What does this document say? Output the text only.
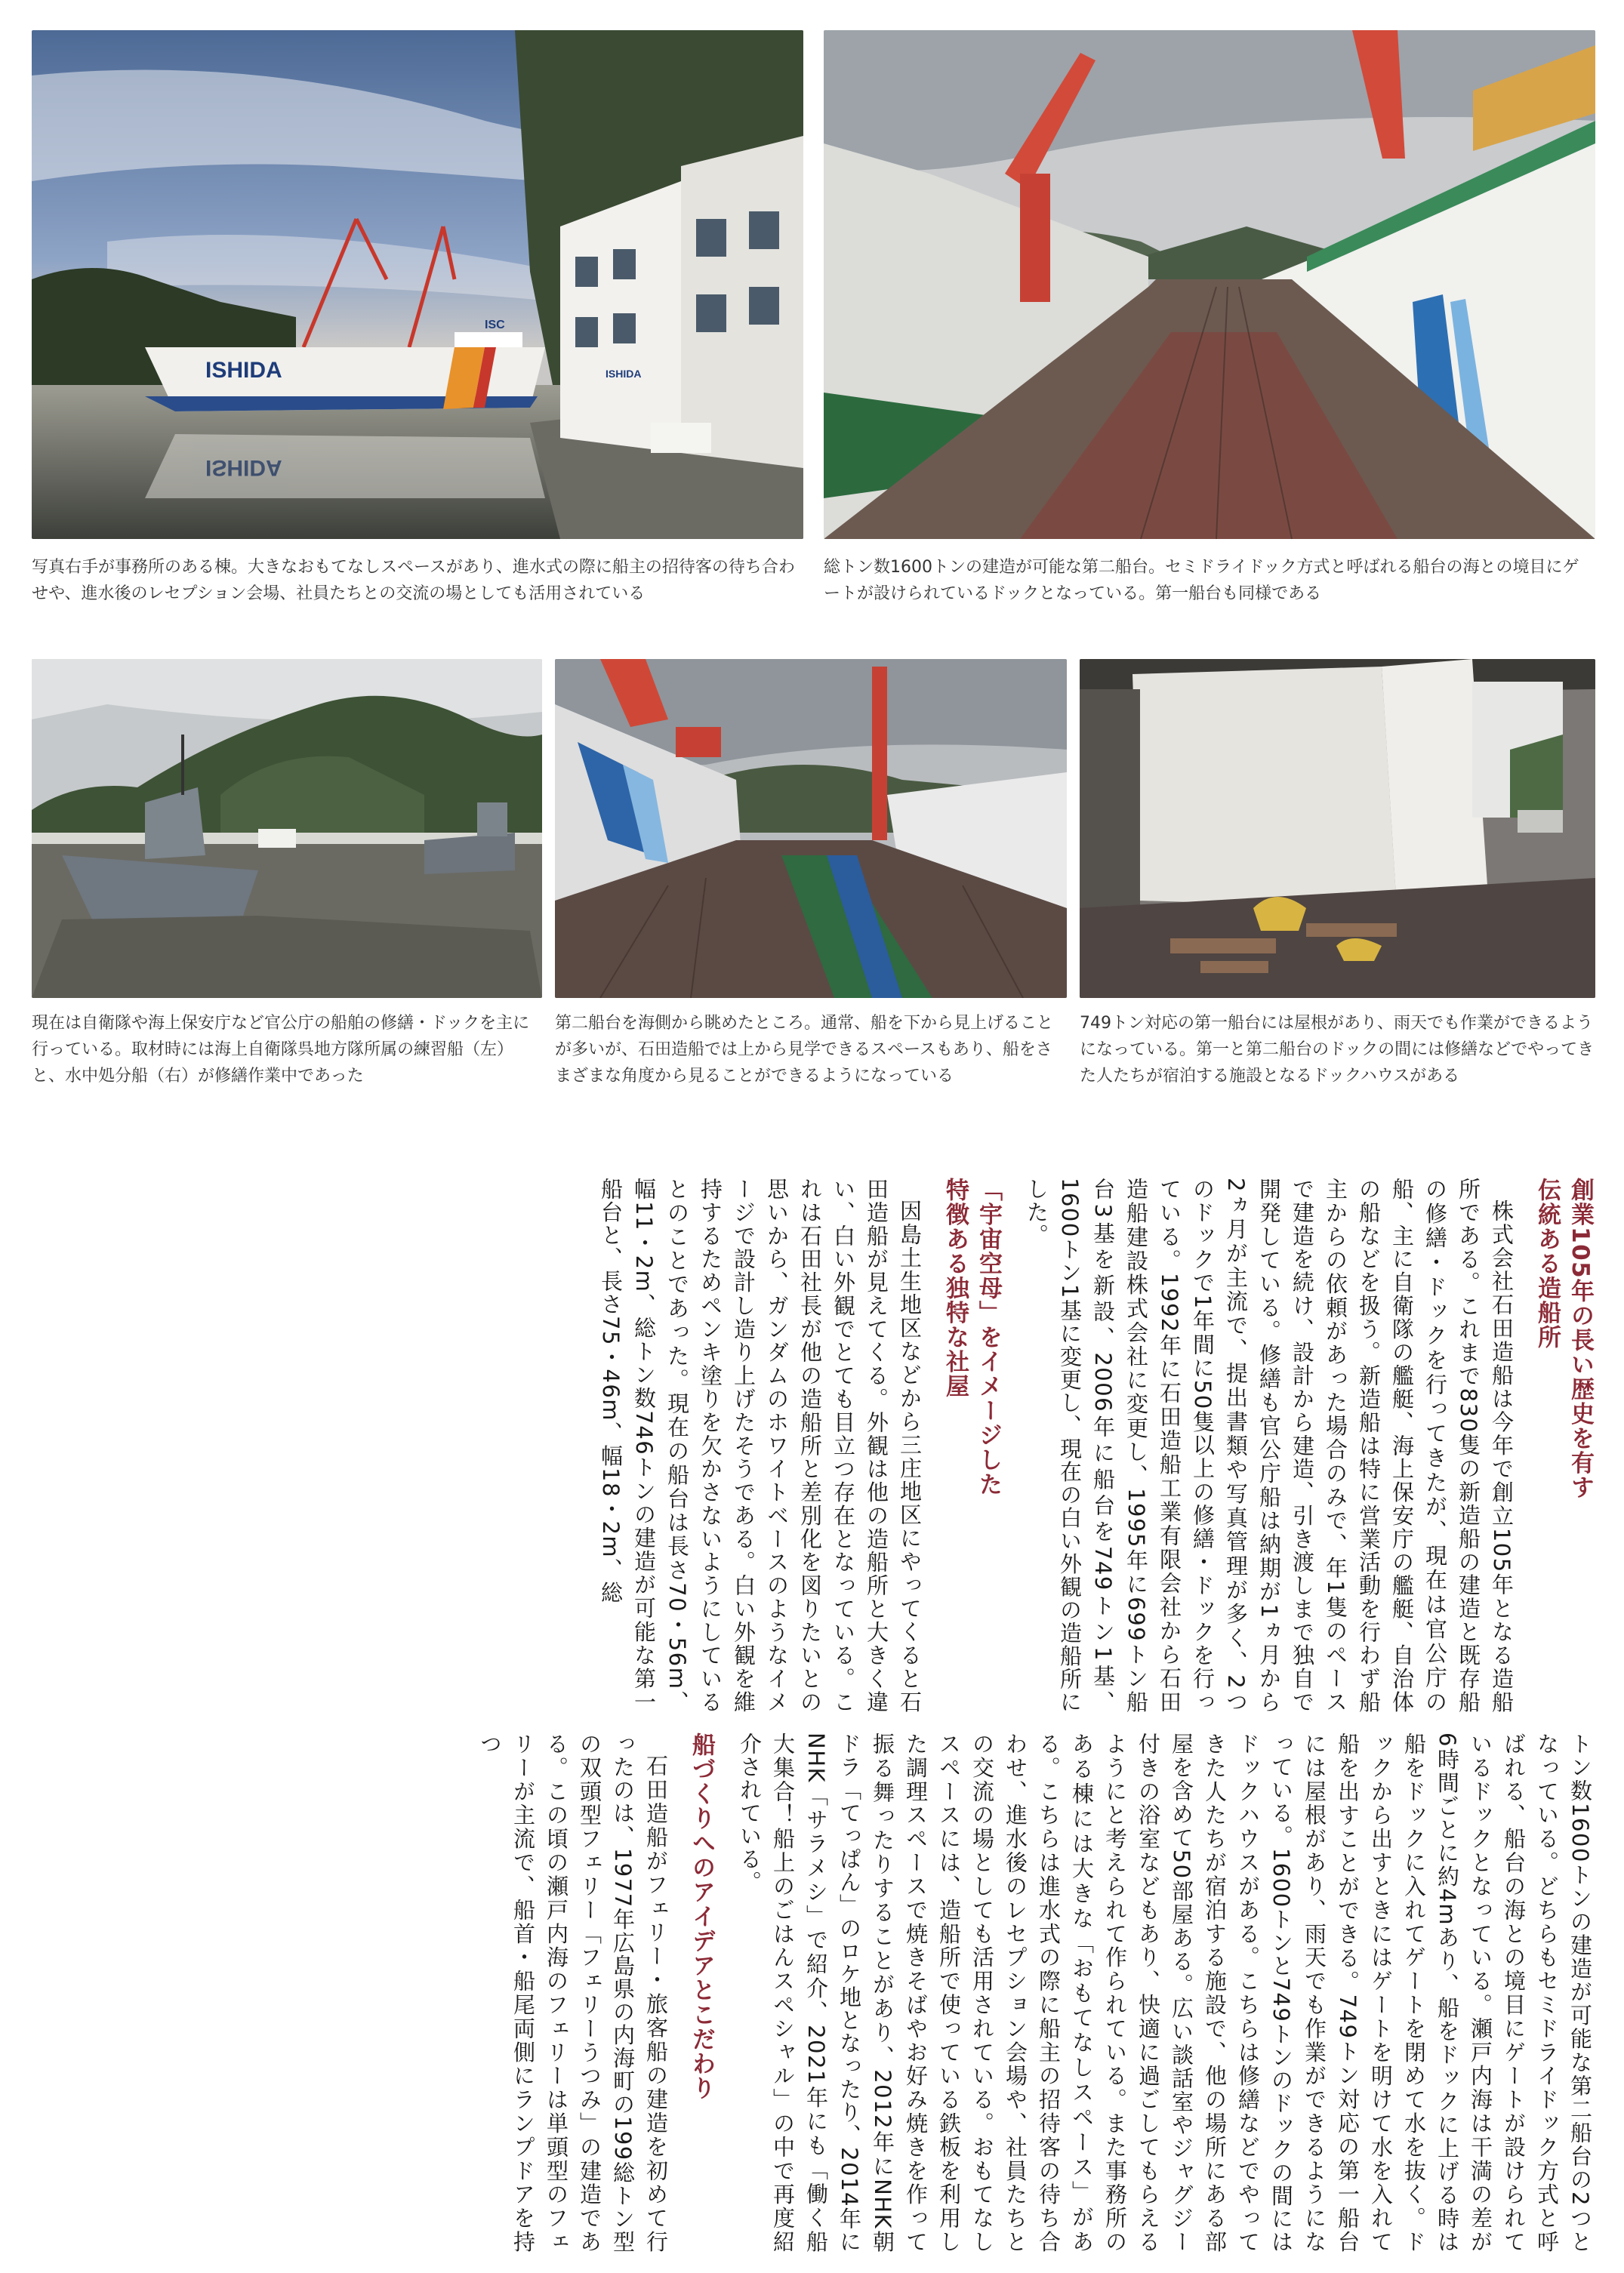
ISHIDA
ISC
ISHIDA
ISHIDA

写真右手が事務所のある棟。大きなおもてなしスペースがあり、進水式の際に船主の招待客の待ち合わせや、進水後のレセプション会場、社員たちとの交流の場としても活用されている

総トン数1600トンの建造が可能な第二船台。セミドライドック方式と呼ばれる船台の海との境目にゲートが設けられているドックとなっている。第一船台も同様である

現在は自衛隊や海上保安庁など官公庁の船舶の修繕・ドックを主に行っている。取材時には海上自衛隊呉地方隊所属の練習船（左）と、水中処分船（右）が修繕作業中であった

第二船台を海側から眺めたところ。通常、船を下から見上げることが多いが、石田造船では上から見学できるスペースもあり、船をさまざまな角度から見ることができるようになっている

749トン対応の第一船台には屋根があり、雨天でも作業ができるようになっている。第一と第二船台のドックの間には修繕などでやってきた人たちが宿泊する施設となるドックハウスがある

創業105年の長い歴史を有す
伝統ある造船所

株式会社石田造船は今年で創立105年となる造船所である。これまで830隻の新造船の建造と既存船の修繕・ドックを行ってきたが、現在は官公庁の船、主に自衛隊の艦艇、海上保安庁の艦艇、自治体の船などを扱う。新造船は特に営業活動を行わず船主からの依頼があった場合のみで、年1隻のペースで建造を続け、設計から建造、引き渡しまで独自で開発している。修繕も官公庁船は納期が1ヵ月から2ヵ月が主流で、提出書類や写真管理が多く、2つのドックで1年間に50隻以上の修繕・ドックを行っている。1992年に石田造船工業有限会社から石田造船建設株式会社に変更し、1995年に699トン船台3基を新設、2006年に船台を749トン1基、1600トン1基に変更し、現在の白い外観の造船所にした。

「宇宙空母」をイメージした
特徴ある独特な社屋

因島土生地区などから三庄地区にやってくると石田造船が見えてくる。外観は他の造船所と大きく違い、白い外観でとても目立つ存在となっている。これは石田社長が他の造船所と差別化を図りたいとの思いから、ガンダムのホワイトベースのようなイメージで設計し造り上げたそうである。白い外観を維持するためペンキ塗りを欠かさないようにしているとのことであった。現在の船台は長さ70・56m、幅11・2m、総トン数746トンの建造が可能な第一船台と、長さ75・46m、幅18・2m、総

トン数1600トンの建造が可能な第二船台の2つとなっている。どちらもセミドライドック方式と呼ばれる、船台の海との境目にゲートが設けられているドックとなっている。瀬戸内海は干満の差が6時間ごとに約4mあり、船をドックに上げる時は船をドックに入れてゲートを閉めて水を抜く。ドックから出すときにはゲートを明けて水を入れて船を出すことができる。749トン対応の第一船台には屋根があり、雨天でも作業ができるようになっている。1600トンと749トンのドックの間にはドックハウスがある。こちらは修繕などでやってきた人たちが宿泊する施設で、他の場所にある部屋を含めて50部屋ある。広い談話室やジャグジー付きの浴室などもあり、快適に過ごしてもらえるようにと考えられて作られている。また事務所のある棟には大きな「おもてなしスペース」がある。こちらは進水式の際に船主の招待客の待ち合わせ、進水後のレセプション会場や、社員たちとの交流の場としても活用されている。おもてなしスペースには、造船所で使っている鉄板を利用した調理スペースで焼きそばやお好み焼きを作って振る舞ったりすることがあり、2012年にNHK朝ドラ「てっぱん」のロケ地となったり、2014年にNHK「サラメシ」で紹介、2021年にも「働く船大集合！船上のごはんスペシャル」の中で再度紹介されている。

船づくりへのアイデアとこだわり

石田造船がフェリー・旅客船の建造を初めて行ったのは、1977年広島県の内海町の199総トン型の双頭型フェリー「フェリーうつみ」の建造である。この頃の瀬戸内海のフェリーは単頭型のフェリーが主流で、船首・船尾両側にランプドアを持つ
